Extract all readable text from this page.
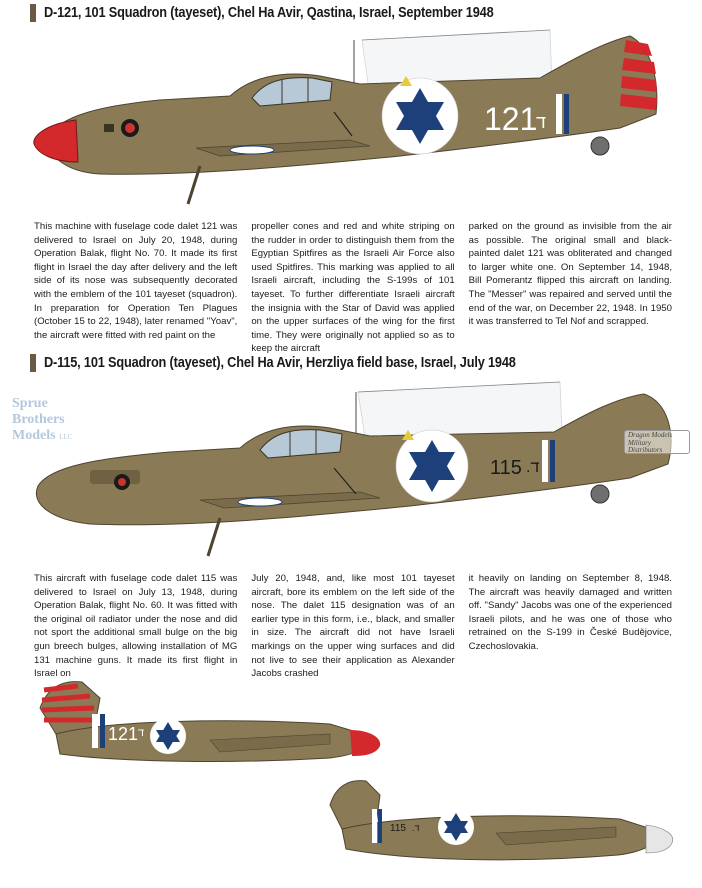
D-121, 101 Squadron (tayeset), Chel Ha Avir, Qastina, Israel, September 1948
121
ד

This machine with fuselage code dalet 121 was delivered to Israel on July 20, 1948, during Operation Balak, flight No. 70. It made its first flight in Israel the day after delivery and the left side of its nose was subsequently decorated with the emblem of the 101 tayeset (squadron). In preparation for Operation Ten Plagues (October 15 to 22, 1948), later renamed "Yoav", the aircraft were fitted with red paint on the

propeller cones and red and white striping on the rudder in order to distinguish them from the Egyptian Spitfires as the Israeli Air Force also used Spitfires. This marking was applied to all Israeli aircraft, including the S-199s of 101 tayeset. To further differentiate Israeli aircraft the insignia with the Star of David was applied on the upper surfaces of the wing for the first time. They were originally not applied so as to keep the aircraft

parked on the ground as invisible from the air as possible. The original small and black-painted dalet 121 was obliterated and changed to larger white one. On September 14, 1948, Bill Pomerantz flipped this aircraft on landing. The "Messer" was repaired and served until the end of the war, on December 22, 1948. In 1950 it was transferred to Tel Nof and scrapped.

D-115, 101 Squadron (tayeset), Chel Ha Avir, Herzliya field base, Israel, July 1948
115 .ד
Sprue
Brothers
Models LLC	Dragon Models
Military
Distributors

This aircraft with fuselage code dalet 115 was delivered to Israel on July 13, 1948, during Operation Balak, flight No. 60. It was fitted with the original oil radiator under the nose and did not sport the additional small bulge on the big gun breech bulges, allowing installation of MG 131 machine guns. It made its first flight in Israel on

July 20, 1948, and, like most 101 tayeset aircraft, bore its emblem on the left side of the nose. The dalet 115 designation was of an earlier type in this form, i.e., black, and smaller in size. The aircraft did not have Israeli markings on the upper wing surfaces and did not live to see their application as Alexander Jacobs crashed

it heavily on landing on September 8, 1948. The aircraft was heavily damaged and written off. "Sandy" Jacobs was one of the experienced Israeli pilots, and he was one of those who retrained on the S-199 in České Budějovice, Czechoslovakia.

121 ד
115 .ד
